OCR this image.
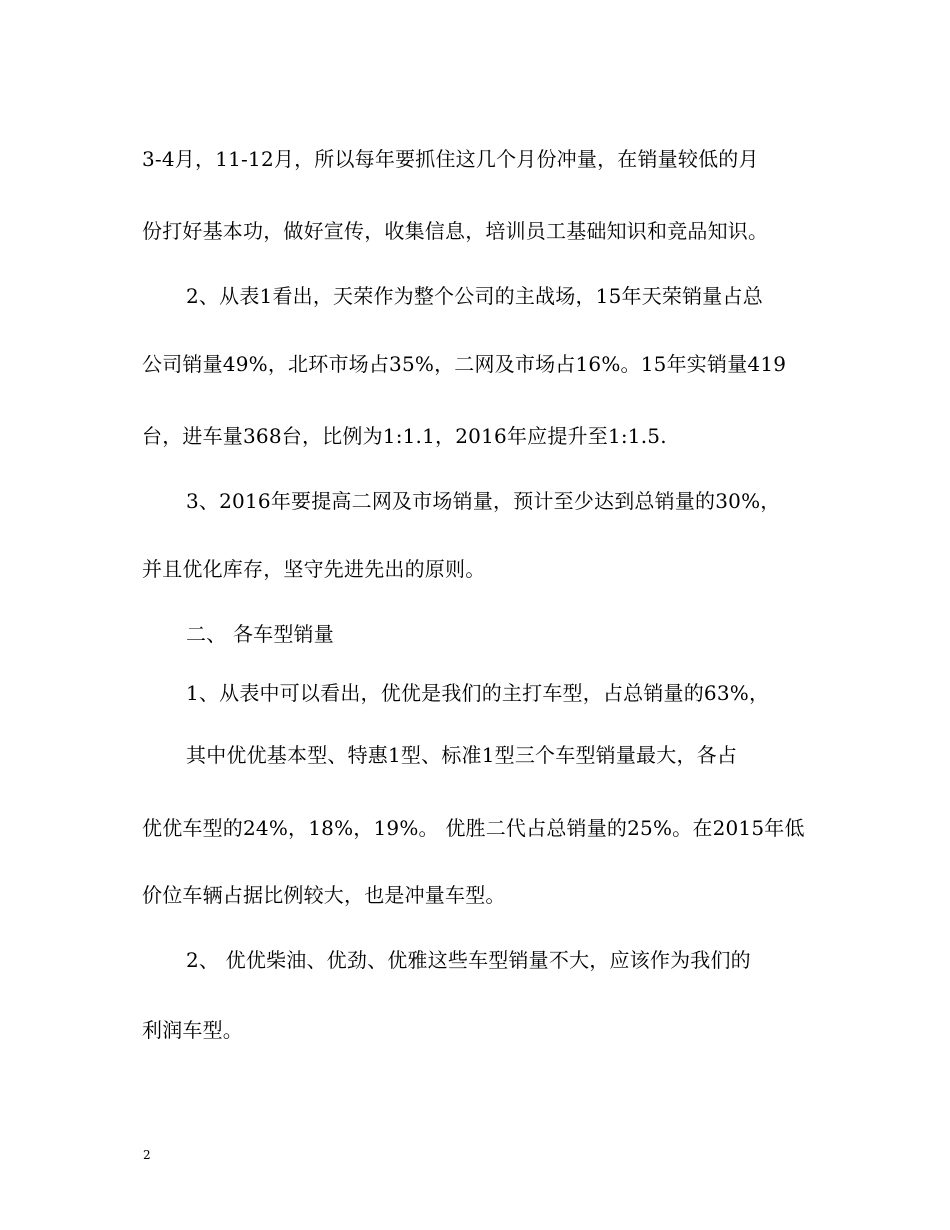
3-4月，11-12月，所以每年要抓住这几个月份冲量，在销量较低的月
份打好基本功，做好宣传，收集信息，培训员工基础知识和竞品知识。
2、从表1看出，天荣作为整个公司的主战场，15年天荣销量占总
公司销量49%，北环市场占35%，二网及市场占16%。15年实销量419
台，进车量368台，比例为1:1.1，2016年应提升至1:1.5.
3、2016年要提高二网及市场销量，预计至少达到总销量的30%，
并且优化库存，坚守先进先出的原则。
二、 各车型销量
1、从表中可以看出，优优是我们的主打车型，占总销量的63%，
其中优优基本型、特惠1型、标准1型三个车型销量最大，各占
优优车型的24%，18%，19%。 优胜二代占总销量的25%。在2015年低
价位车辆占据比例较大，也是冲量车型。
2、 优优柴油、优劲、优雅这些车型销量不大，应该作为我们的
利润车型。
2
